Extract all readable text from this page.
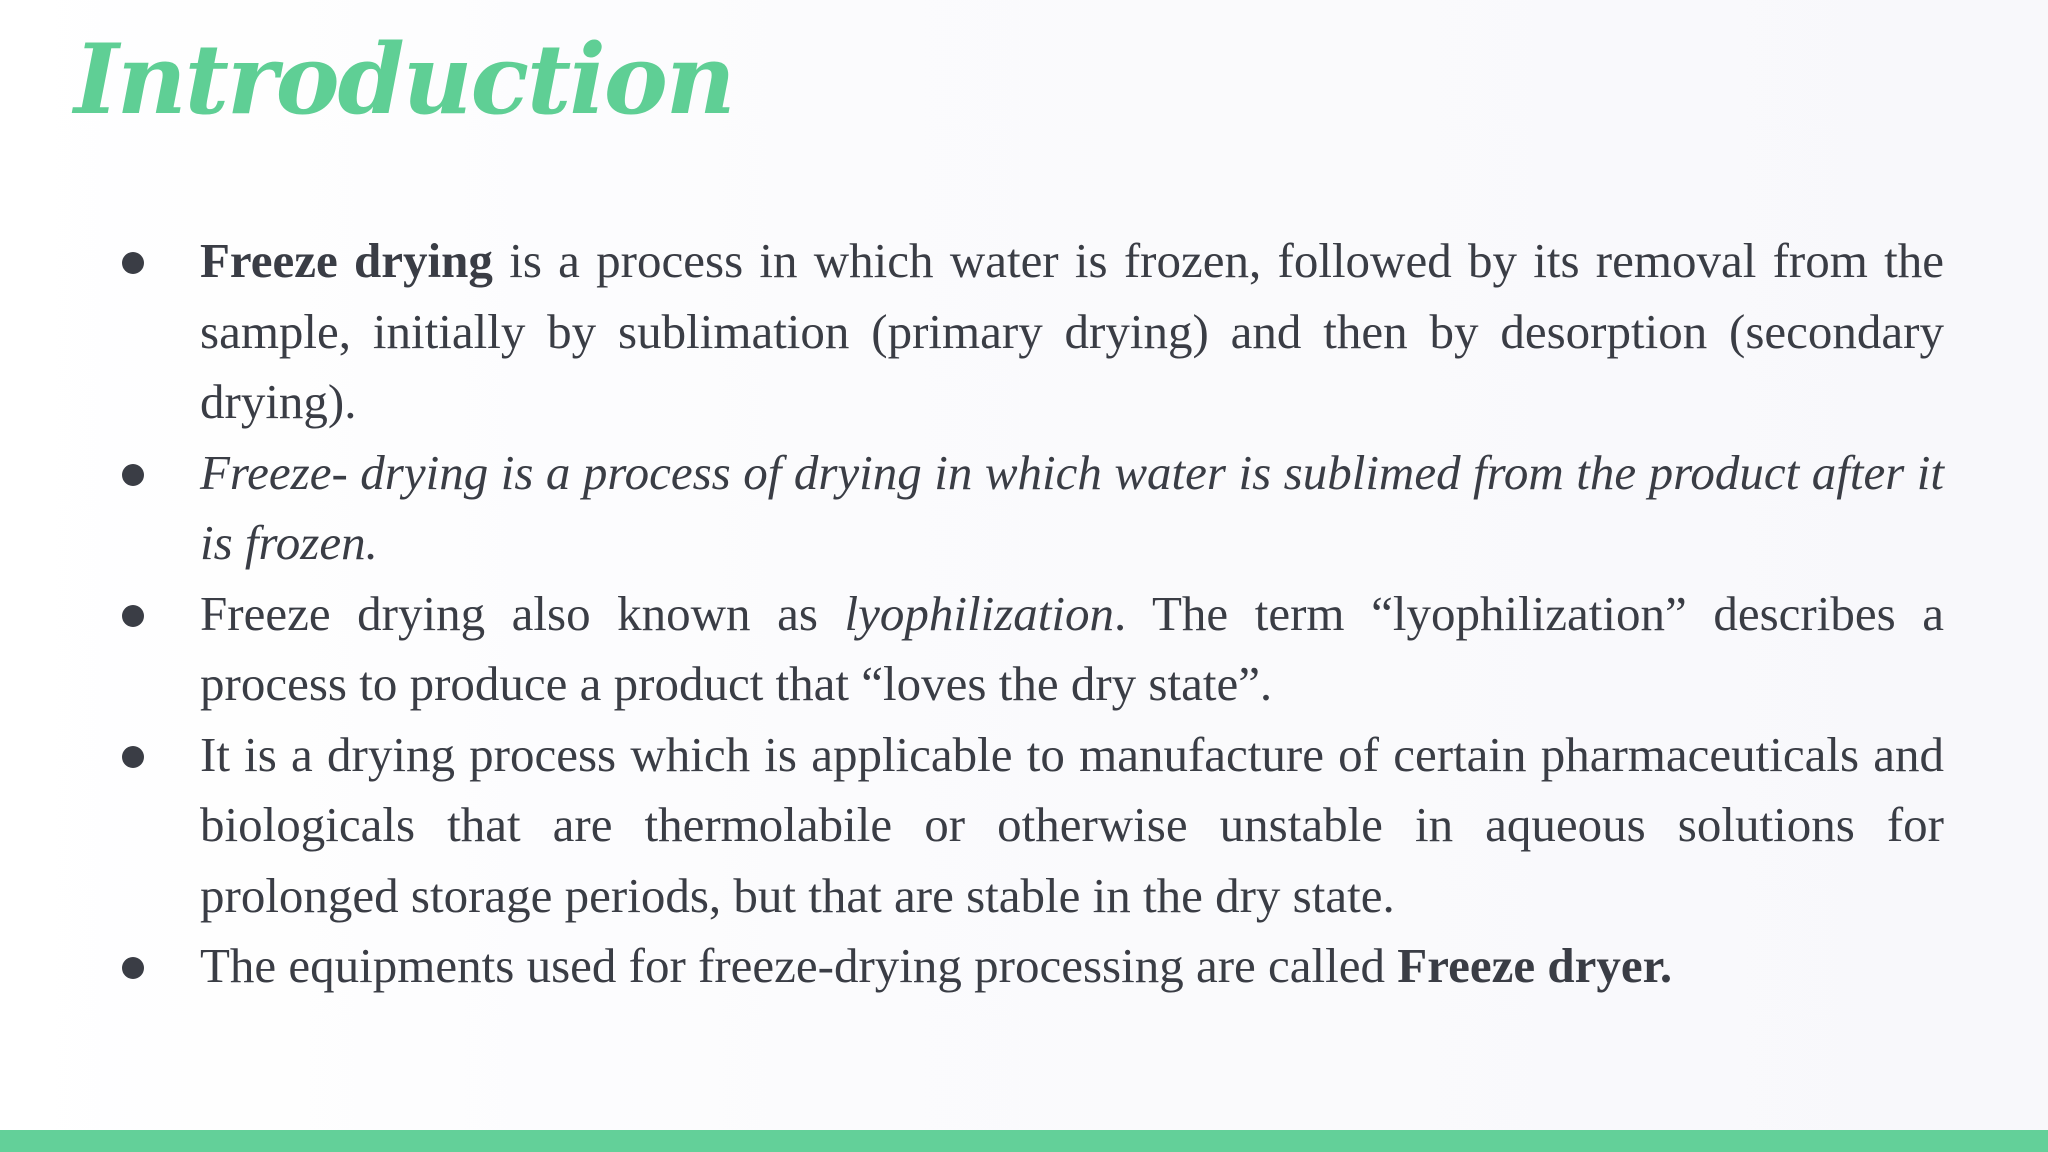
Introduction
Freeze drying is a process in which water is frozen, followed by its removal from the sample, initially by sublimation (primary drying) and then by desorption (secondary drying).
Freeze- drying is a process of drying in which water is sublimed from the product after it is frozen.
Freeze drying also known as lyophilization. The term “lyophilization” describes a process to produce a product that “loves the dry state”.
It is a drying process which is applicable to manufacture of certain pharmaceuticals and biologicals that are thermolabile or otherwise unstable in aqueous solutions for prolonged storage periods, but that are stable in the dry state.
The equipments used for freeze-drying processing are called Freeze dryer.
